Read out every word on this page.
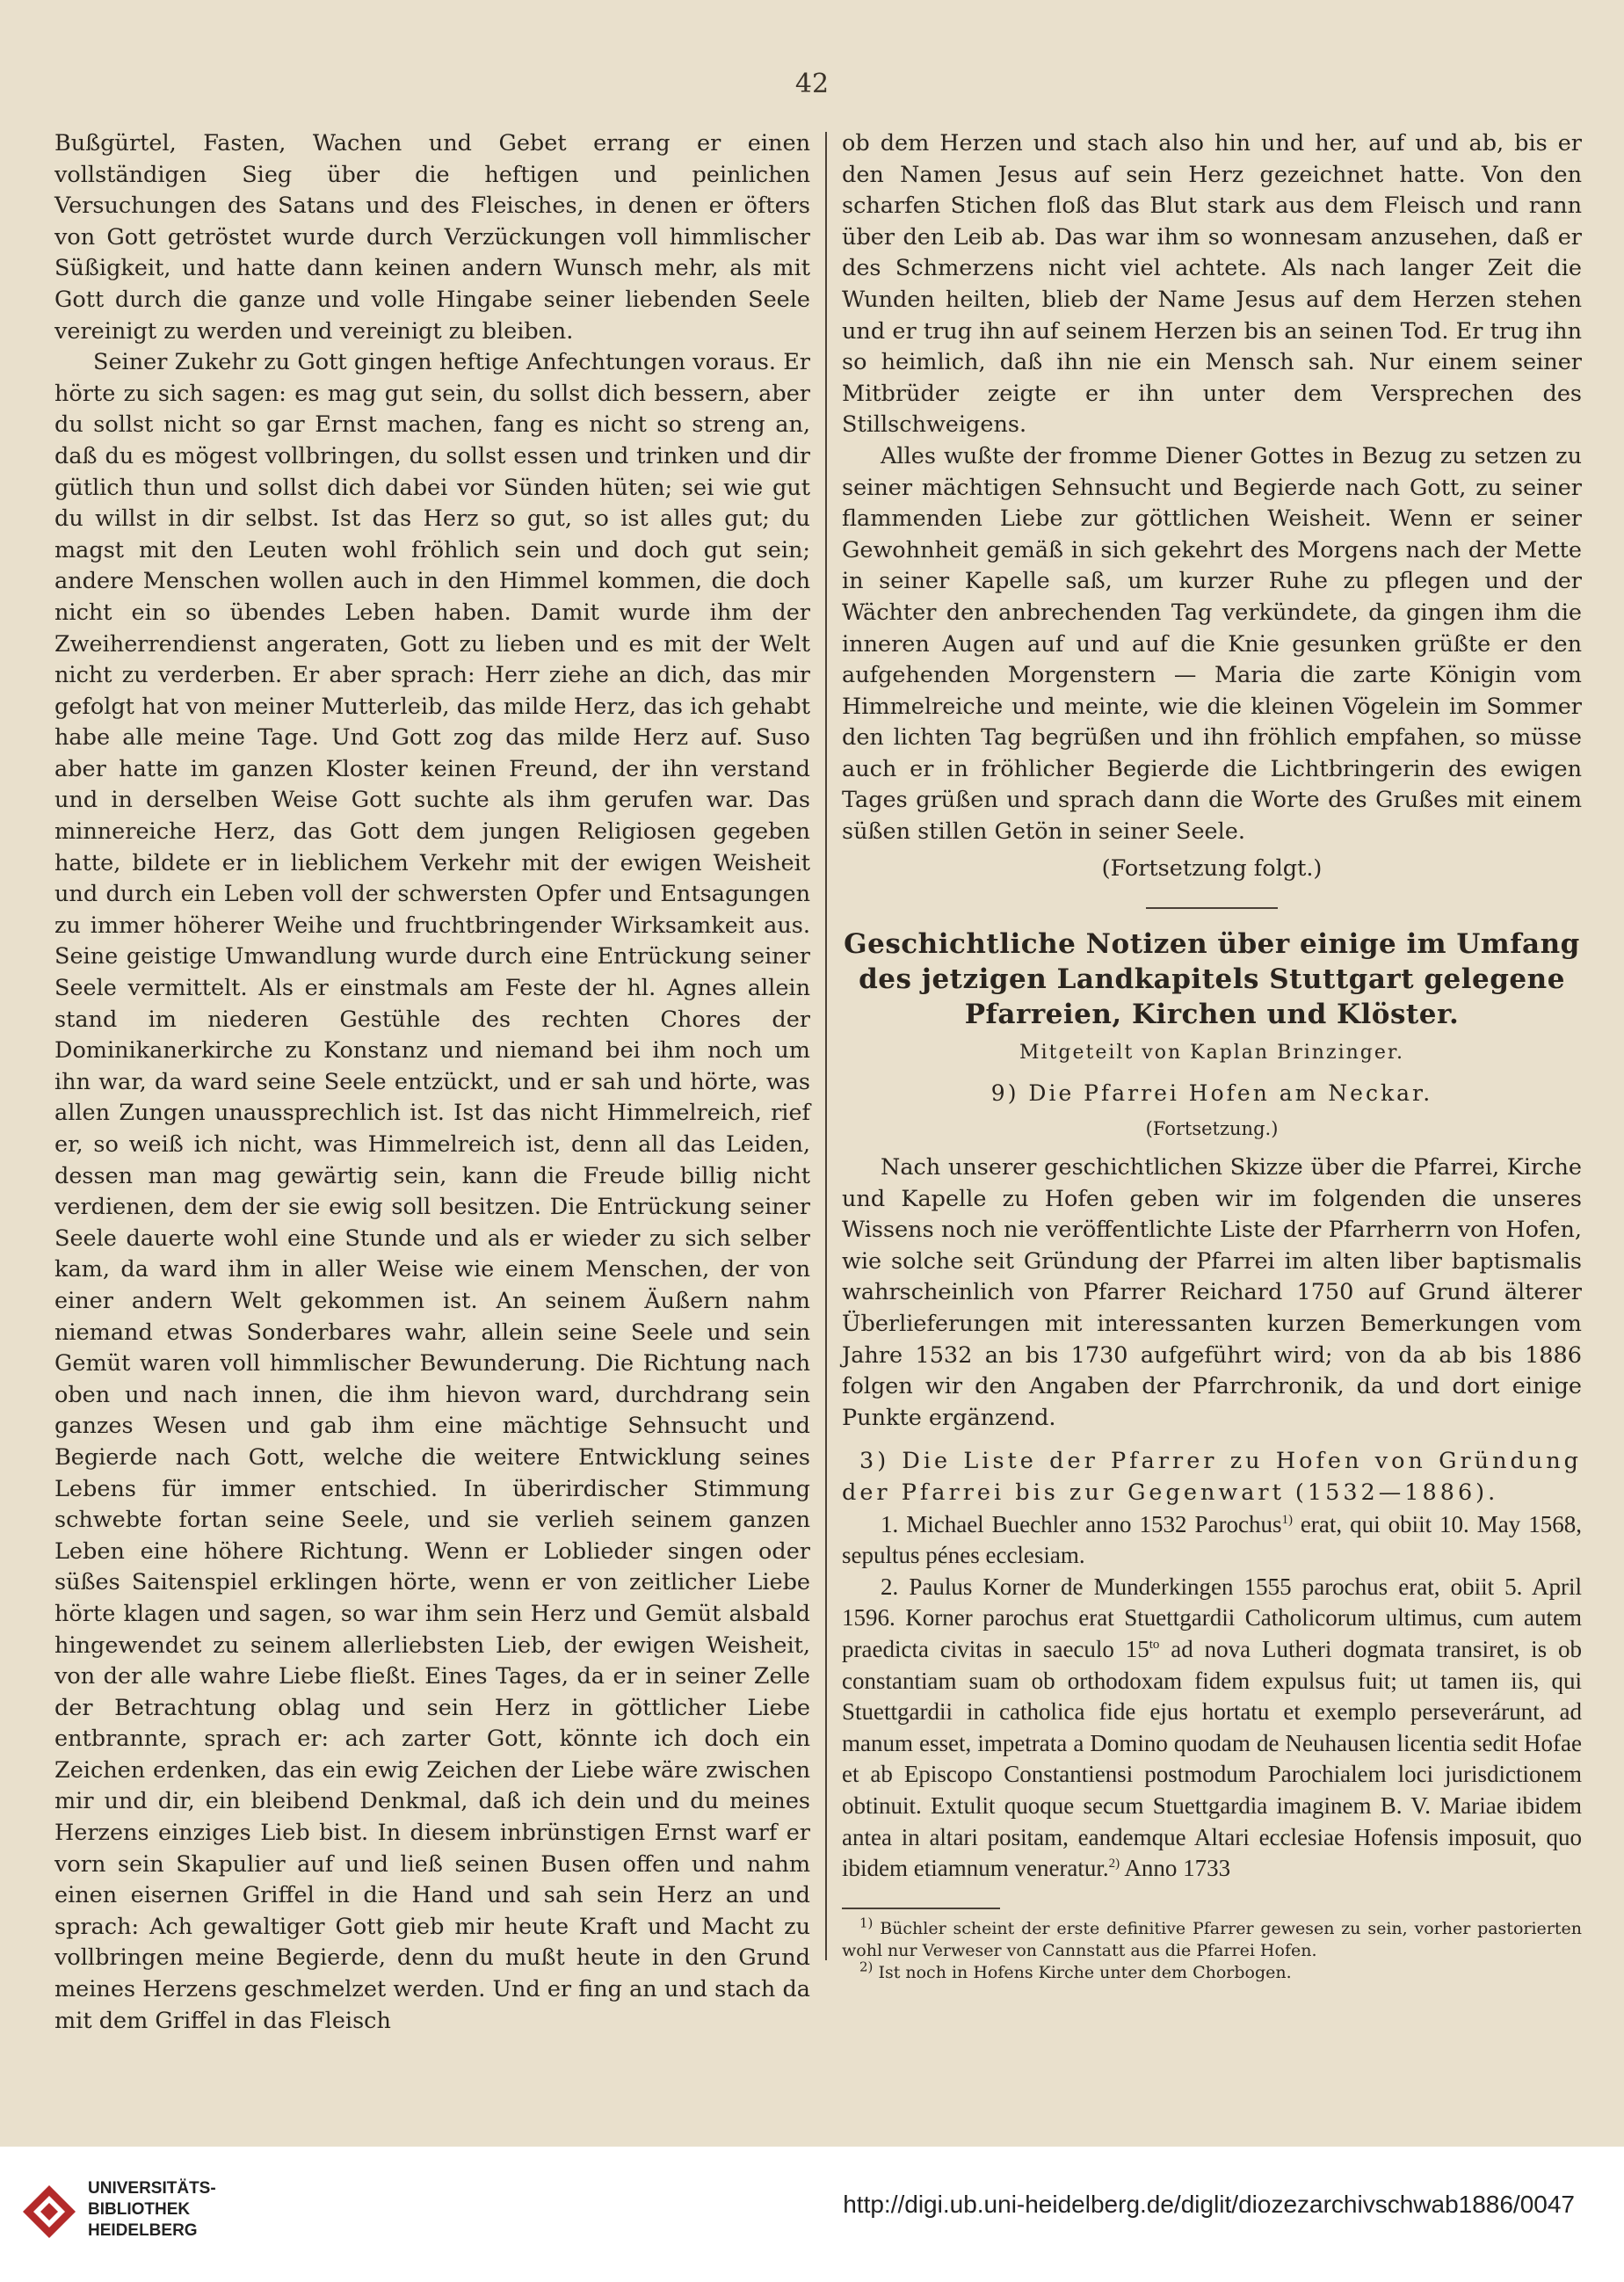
42

Bußgürtel, Fasten, Wachen und Gebet errang er einen vollständigen Sieg über die heftigen und peinlichen Versuchungen des Satans und des Fleisches, in denen er öfters von Gott getröstet wurde durch Verzückungen voll himmlischer Süßigkeit, und hatte dann keinen andern Wunsch mehr, als mit Gott durch die ganze und volle Hingabe seiner liebenden Seele vereinigt zu werden und vereinigt zu bleiben.

Seiner Zukehr zu Gott gingen heftige Anfechtungen voraus. Er hörte zu sich sagen: es mag gut sein, du sollst dich bessern, aber du sollst nicht so gar Ernst machen, fang es nicht so streng an, daß du es mögest vollbringen, du sollst essen und trinken und dir gütlich thun und sollst dich dabei vor Sünden hüten; sei wie gut du willst in dir selbst. Ist das Herz so gut, so ist alles gut; du magst mit den Leuten wohl fröhlich sein und doch gut sein; andere Menschen wollen auch in den Himmel kommen, die doch nicht ein so übendes Leben haben. Damit wurde ihm der Zweiherrendienst angeraten, Gott zu lieben und es mit der Welt nicht zu verderben. Er aber sprach: Herr ziehe an dich, das mir gefolgt hat von meiner Mutterleib, das milde Herz, das ich gehabt habe alle meine Tage. Und Gott zog das milde Herz auf. Suso aber hatte im ganzen Kloster keinen Freund, der ihn verstand und in derselben Weise Gott suchte als ihm gerufen war. Das minnereiche Herz, das Gott dem jungen Religiosen gegeben hatte, bildete er in lieblichem Verkehr mit der ewigen Weisheit und durch ein Leben voll der schwersten Opfer und Entsagungen zu immer höherer Weihe und fruchtbringender Wirksamkeit aus. Seine geistige Umwandlung wurde durch eine Entrückung seiner Seele vermittelt. Als er einstmals am Feste der hl. Agnes allein stand im niederen Gestühle des rechten Chores der Dominikanerkirche zu Konstanz und niemand bei ihm noch um ihn war, da ward seine Seele entzückt, und er sah und hörte, was allen Zungen unaussprechlich ist. Ist das nicht Himmelreich, rief er, so weiß ich nicht, was Himmelreich ist, denn all das Leiden, dessen man mag gewärtig sein, kann die Freude billig nicht verdienen, dem der sie ewig soll besitzen. Die Entrückung seiner Seele dauerte wohl eine Stunde und als er wieder zu sich selber kam, da ward ihm in aller Weise wie einem Menschen, der von einer andern Welt gekommen ist. An seinem Äußern nahm niemand etwas Sonderbares wahr, allein seine Seele und sein Gemüt waren voll himmlischer Bewunderung. Die Richtung nach oben und nach innen, die ihm hievon ward, durchdrang sein ganzes Wesen und gab ihm eine mächtige Sehnsucht und Begierde nach Gott, welche die weitere Entwicklung seines Lebens für immer entschied. In überirdischer Stimmung schwebte fortan seine Seele, und sie verlieh seinem ganzen Leben eine höhere Richtung. Wenn er Loblieder singen oder süßes Saitenspiel erklingen hörte, wenn er von zeitlicher Liebe hörte klagen und sagen, so war ihm sein Herz und Gemüt alsbald hingewendet zu seinem allerliebsten Lieb, der ewigen Weisheit, von der alle wahre Liebe fließt. Eines Tages, da er in seiner Zelle der Betrachtung oblag und sein Herz in göttlicher Liebe entbrannte, sprach er: ach zarter Gott, könnte ich doch ein Zeichen erdenken, das ein ewig Zeichen der Liebe wäre zwischen mir und dir, ein bleibend Denkmal, daß ich dein und du meines Herzens einziges Lieb bist. In diesem inbrünstigen Ernst warf er vorn sein Skapulier auf und ließ seinen Busen offen und nahm einen eisernen Griffel in die Hand und sah sein Herz an und sprach: Ach gewaltiger Gott gieb mir heute Kraft und Macht zu vollbringen meine Begierde, denn du mußt heute in den Grund meines Herzens geschmelzet werden. Und er fing an und stach da mit dem Griffel in das Fleisch

ob dem Herzen und stach also hin und her, auf und ab, bis er den Namen Jesus auf sein Herz gezeichnet hatte. Von den scharfen Stichen floß das Blut stark aus dem Fleisch und rann über den Leib ab. Das war ihm so wonnesam anzusehen, daß er des Schmerzens nicht viel achtete. Als nach langer Zeit die Wunden heilten, blieb der Name Jesus auf dem Herzen stehen und er trug ihn auf seinem Herzen bis an seinen Tod. Er trug ihn so heimlich, daß ihn nie ein Mensch sah. Nur einem seiner Mitbrüder zeigte er ihn unter dem Versprechen des Stillschweigens.

Alles wußte der fromme Diener Gottes in Bezug zu setzen zu seiner mächtigen Sehnsucht und Begierde nach Gott, zu seiner flammenden Liebe zur göttlichen Weisheit. Wenn er seiner Gewohnheit gemäß in sich gekehrt des Morgens nach der Mette in seiner Kapelle saß, um kurzer Ruhe zu pflegen und der Wächter den anbrechenden Tag verkündete, da gingen ihm die inneren Augen auf und auf die Knie gesunken grüßte er den aufgehenden Morgenstern — Maria die zarte Königin vom Himmelreiche und meinte, wie die kleinen Vögelein im Sommer den lichten Tag begrüßen und ihn fröhlich empfahen, so müsse auch er in fröhlicher Begierde die Lichtbringerin des ewigen Tages grüßen und sprach dann die Worte des Grußes mit einem süßen stillen Getön in seiner Seele.

(Fortsetzung folgt.)

Geschichtliche Notizen über einige im Umfang des jetzigen Landkapitels Stuttgart gelegene Pfarreien, Kirchen und Klöster.
Mitgeteilt von Kaplan Brinzinger.
9) Die Pfarrei Hofen am Neckar.
(Fortsetzung.)

Nach unserer geschichtlichen Skizze über die Pfarrei, Kirche und Kapelle zu Hofen geben wir im folgenden die unseres Wissens noch nie veröffentlichte Liste der Pfarrherrn von Hofen, wie solche seit Gründung der Pfarrei im alten liber baptismalis wahrscheinlich von Pfarrer Reichard 1750 auf Grund älterer Überlieferungen mit interessanten kurzen Bemerkungen vom Jahre 1532 an bis 1730 aufgeführt wird; von da ab bis 1886 folgen wir den Angaben der Pfarrchronik, da und dort einige Punkte ergänzend.

3) Die Liste der Pfarrer zu Hofen von Gründung der Pfarrei bis zur Gegenwart (1532—1886).

1. Michael Buechler anno 1532 Parochus$^{1)}$ erat, qui obiit 10. May 1568, sepultus pénes ecclesiam.

2. Paulus Korner de Munderkingen 1555 parochus erat, obiit 5. April 1596. Korner parochus erat Stuettgardii Catholicorum ultimus, cum autem praedicta civitas in saeculo $15^{to}$ ad nova Lutheri dogmata transiret, is ob constantiam suam ob orthodoxam fidem expulsus fuit; ut tamen iis, qui Stuettgardii in catholica fide ejus hortatu et exemplo perseverárunt, ad manum esset, impetrata a Domino quodam de Neuhausen licentia sedit Hofae et ab Episcopo Constantiensi postmodum Parochialem loci jurisdictionem obtinuit. Extulit quoque secum Stuettgardia imaginem B. V. Mariae ibidem antea in altari positam, eandemque Altari ecclesiae Hofensis imposuit, quo ibidem etiamnum veneratur.$^{2)}$ Anno 1733

$^{1)}$ Büchler scheint der erste definitive Pfarrer gewesen zu sein, vorher pastorierten wohl nur Verweser von Cannstatt aus die Pfarrei Hofen.

$^{2)}$ Ist noch in Hofens Kirche unter dem Chorbogen.

UNIVERSITÄTS-
BIBLIOTHEK
HEIDELBERG
http://digi.ub.uni-heidelberg.de/diglit/diozezarchivschwab1886/0047
